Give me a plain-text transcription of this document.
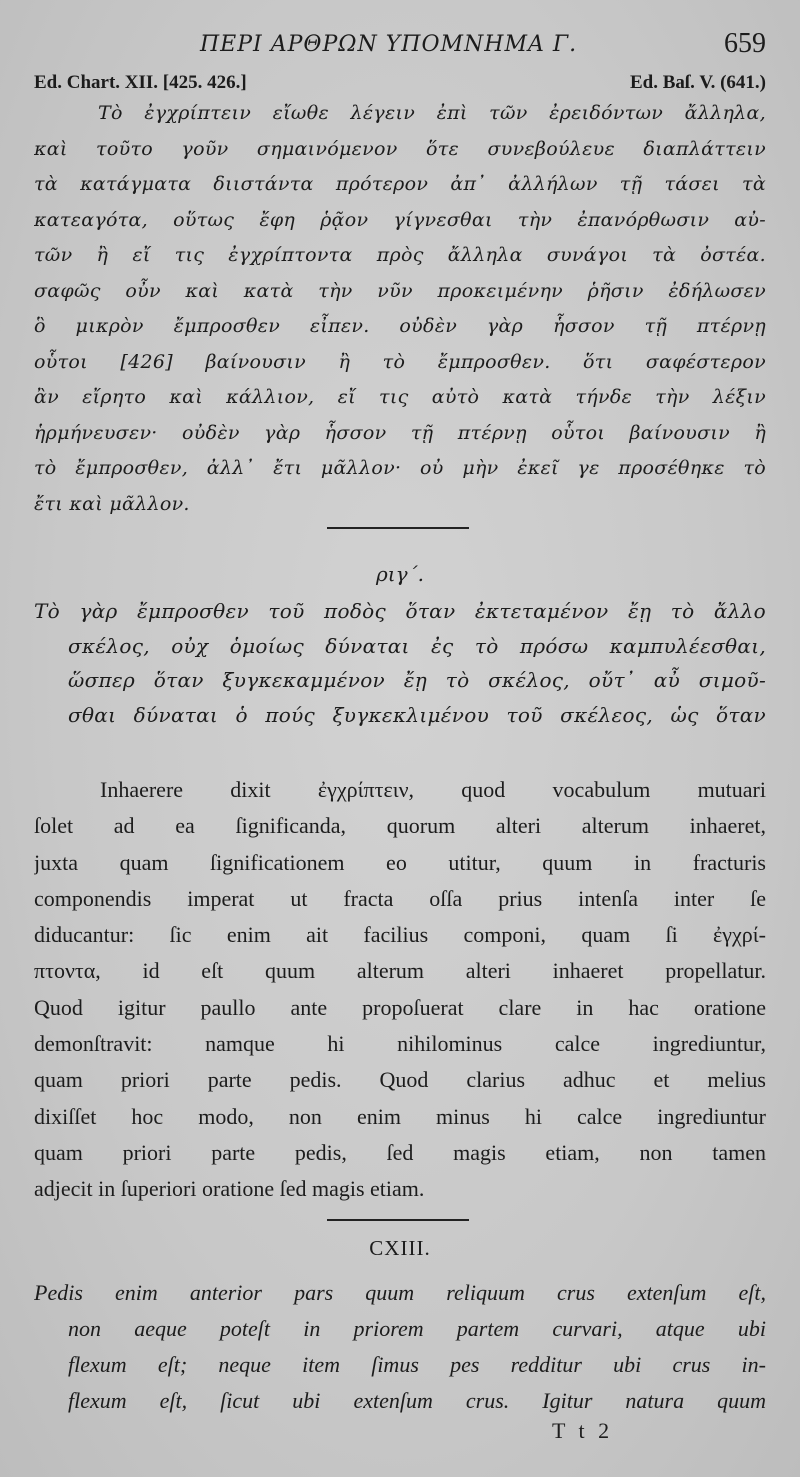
ΠΕΡΙ ΑΡΘΡΩΝ ΥΠΟΜΝΗΜΑ Γ.	659
Ed. Chart. XII. [425. 426.]	Ed. Baſ. V. (641.)
Τὸ ἐγχρίπτειν εἴωθε λέγειν ἐπὶ τῶν ἐρειδόντων ἄλληλα,
καὶ τοῦτο γοῦν σημαινόμενον ὅτε συνεβούλευε διαπλάττειν
τὰ κατάγματα διιστάντα πρότερον ἀπ᾽ ἀλλήλων τῇ τάσει τὰ
κατεαγότα, οὕτως ἔφη ῥᾷον γίγνεσθαι τὴν ἐπανόρθωσιν αὐ-
τῶν ἢ εἴ τις ἐγχρίπτοντα πρὸς ἄλληλα συνάγοι τὰ ὀστέα.
σαφῶς οὖν καὶ κατὰ τὴν νῦν προκειμένην ῥῆσιν ἐδήλωσεν
ὃ μικρὸν ἔμπροσθεν εἶπεν. οὐδὲν γὰρ ἧσσον τῇ πτέρνῃ
οὗτοι [426] βαίνουσιν ἢ τὸ ἔμπροσθεν. ὅτι σαφέστερον
ἂν εἴρητο καὶ κάλλιον, εἴ τις αὐτὸ κατὰ τήνδε τὴν λέξιν
ἡρμήνευσεν· οὐδὲν γὰρ ἧσσον τῇ πτέρνῃ οὗτοι βαίνουσιν ἢ
τὸ ἔμπροσθεν, ἀλλ᾽ ἔτι μᾶλλον· οὐ μὴν ἐκεῖ γε προσέθηκε τὸ
ἔτι καὶ μᾶλλον.
ριγ´.
Τὸ γὰρ ἔμπροσθεν τοῦ ποδὸς ὅταν ἐκτεταμένον ἔῃ τὸ ἄλλο
σκέλος, οὐχ ὁμοίως δύναται ἐς τὸ πρόσω καμπυλέεσθαι,
ὥσπερ ὅταν ξυγκεκαμμένον ἔῃ τὸ σκέλος, οὔτ᾽ αὖ σιμοῦ-
σθαι δύναται ὁ πούς ξυγκεκλιμένου τοῦ σκέλεος, ὡς ὅταν
Inhaerere dixit ἐγχρίπτειν, quod vocabulum mutuari
ſolet ad ea ſignificanda, quorum alteri alterum inhaeret,
juxta quam ſignificationem eo utitur, quum in fracturis
componendis imperat ut fracta oſſa prius intenſa inter ſe
diducantur: ſic enim ait facilius componi, quam ſi ἐγχρί-
πτοντα, id eſt quum alterum alteri inhaeret propellatur.
Quod igitur paullo ante propoſuerat clare in hac oratione
demonſtravit: namque hi nihilominus calce ingrediuntur,
quam priori parte pedis. Quod clarius adhuc et melius
dixiſſet hoc modo, non enim minus hi calce ingrediuntur
quam priori parte pedis, ſed magis etiam, non tamen
adjecit in ſuperiori oratione ſed magis etiam.
CXIII.
Pedis enim anterior pars quum reliquum crus extenſum eſt,
non aeque poteſt in priorem partem curvari, atque ubi
flexum eſt; neque item ſimus pes redditur ubi crus in-
flexum eſt, ſicut ubi extenſum crus. Igitur natura quum
T t 2
